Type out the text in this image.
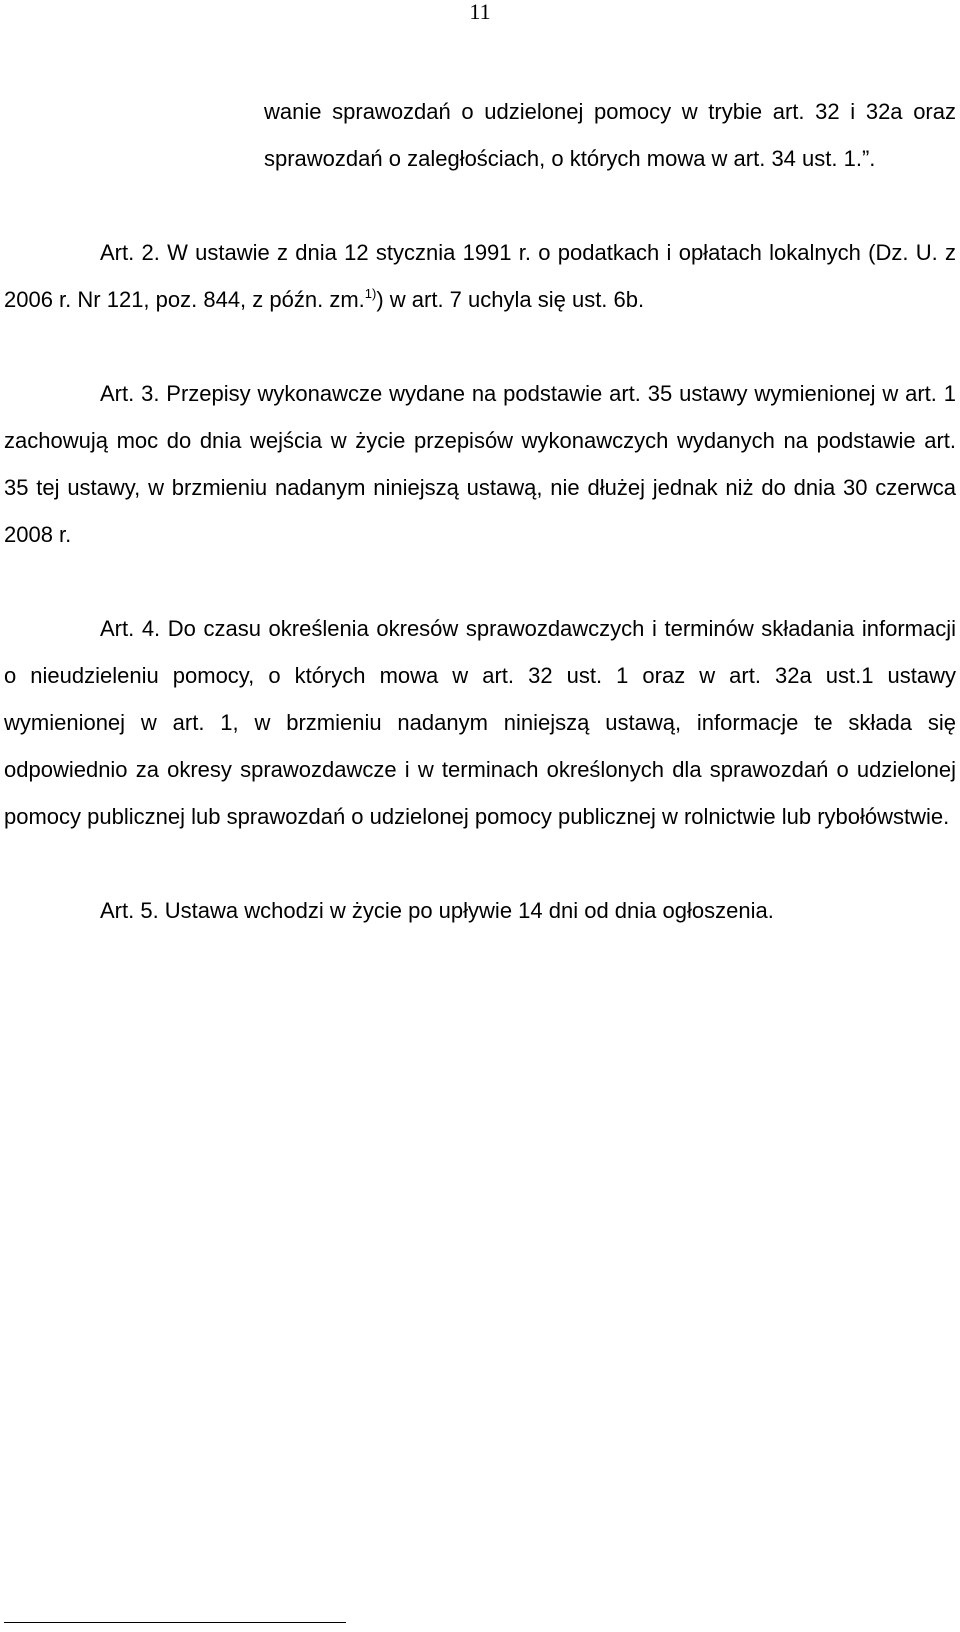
11

wanie sprawozdań o udzielonej pomocy w trybie art. 32 i 32a oraz sprawozdań o zaległościach, o których mowa w art. 34 ust. 1.”.

Art. 2. W ustawie z dnia 12 stycznia 1991 r. o podatkach i opłatach lokalnych (Dz. U. z 2006 r. Nr 121, poz. 844, z późn. zm.$^{1)}$) w art. 7 uchyla się ust. 6b.

Art. 3. Przepisy wykonawcze wydane na podstawie art. 35 ustawy wymienionej w art. 1 zachowują moc do dnia wejścia w życie przepisów wykonawczych wydanych na podstawie art. 35 tej ustawy, w brzmieniu nadanym niniejszą ustawą, nie dłużej jednak niż do dnia 30 czerwca 2008 r.

Art. 4. Do czasu określenia okresów sprawozdawczych i terminów składania informacji o nieudzieleniu pomocy, o których mowa w art. 32 ust. 1 oraz w art. 32a ust.1 ustawy wymienionej w art. 1, w brzmieniu nadanym niniejszą ustawą, informacje te składa się odpowiednio za okresy sprawozdawcze i w terminach określonych dla sprawozdań o udzielonej pomocy publicznej lub sprawozdań o udzielonej pomocy publicznej w rolnictwie lub rybołówstwie.

Art. 5. Ustawa wchodzi w życie po upływie 14 dni od dnia ogłoszenia.
